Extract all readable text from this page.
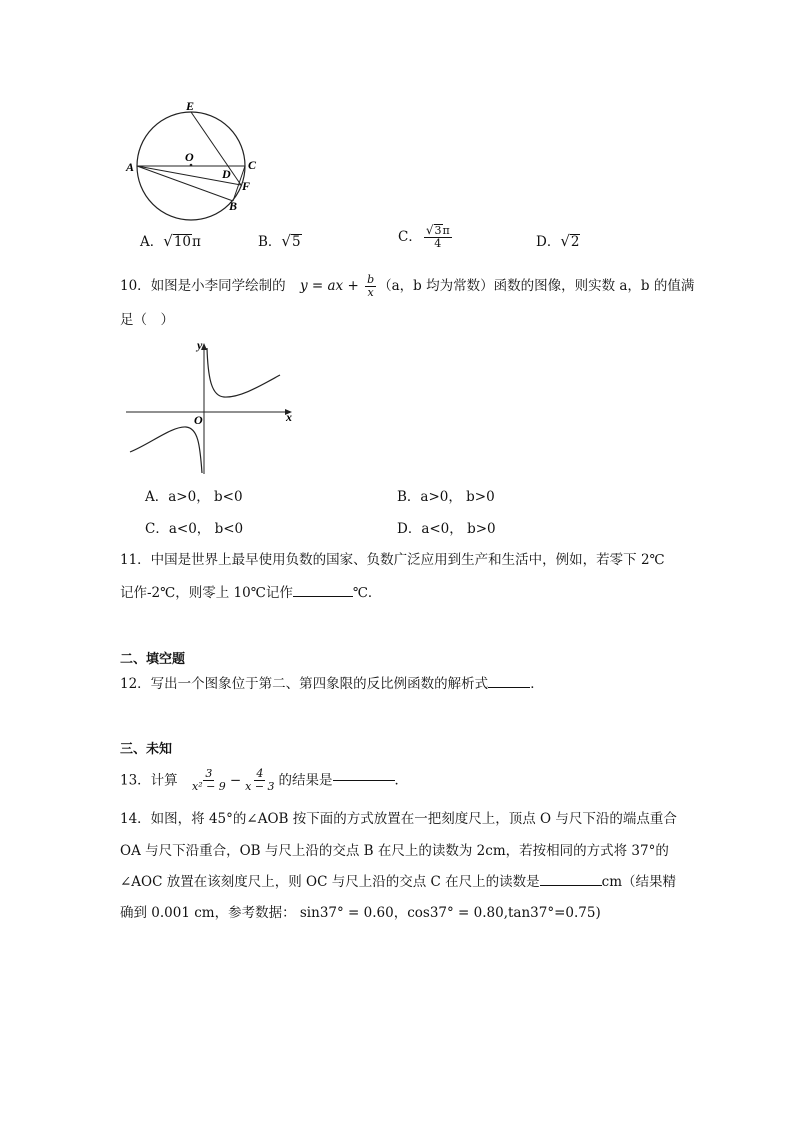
E
O
A	C
D
F
B
A． √ 10 π	B． √ 5	C． $\frac{√ 3 \pi}{4}$	D． √ 2
10．如图是小李同学绘制的 y = ax + $\frac{b}{x} (a$，b 均为常数）函数的图像，则实数 a，b 的值满
足（　）
y
x
O
A．a>0， b<0	B．a>0， b>0
C．a<0， b<0	D．a<0， b>0
11．中国是世界上最早使用负数的国家、负数广泛应用到生产和生活中，例如，若零下 2℃
记作-2℃，则零上 10℃记作	℃．
二、填空题
12．写出一个图象位于第二、第四象限的反比例函数的解析式	．
三、未知
13．计算 $\frac{3}{\text{x² − 9}} - \frac{4}{x - 3}$ 的结果是	．
14．如图，将 45°的∠AOB 按下面的方式放置在一把刻度尺上，顶点 O 与尺下沿的端点重合
OA 与尺下沿重合，OB 与尺上沿的交点 B 在尺上的读数为 2cm，若按相同的方式将 37°的
∠AOC 放置在该刻度尺上，则 OC 与尺上沿的交点 C 在尺上的读数是	cm（结果精
确到 0.001 cm，参考数据： sin37° = 0.60，cos37° = 0.80,tan37°=0.75)
